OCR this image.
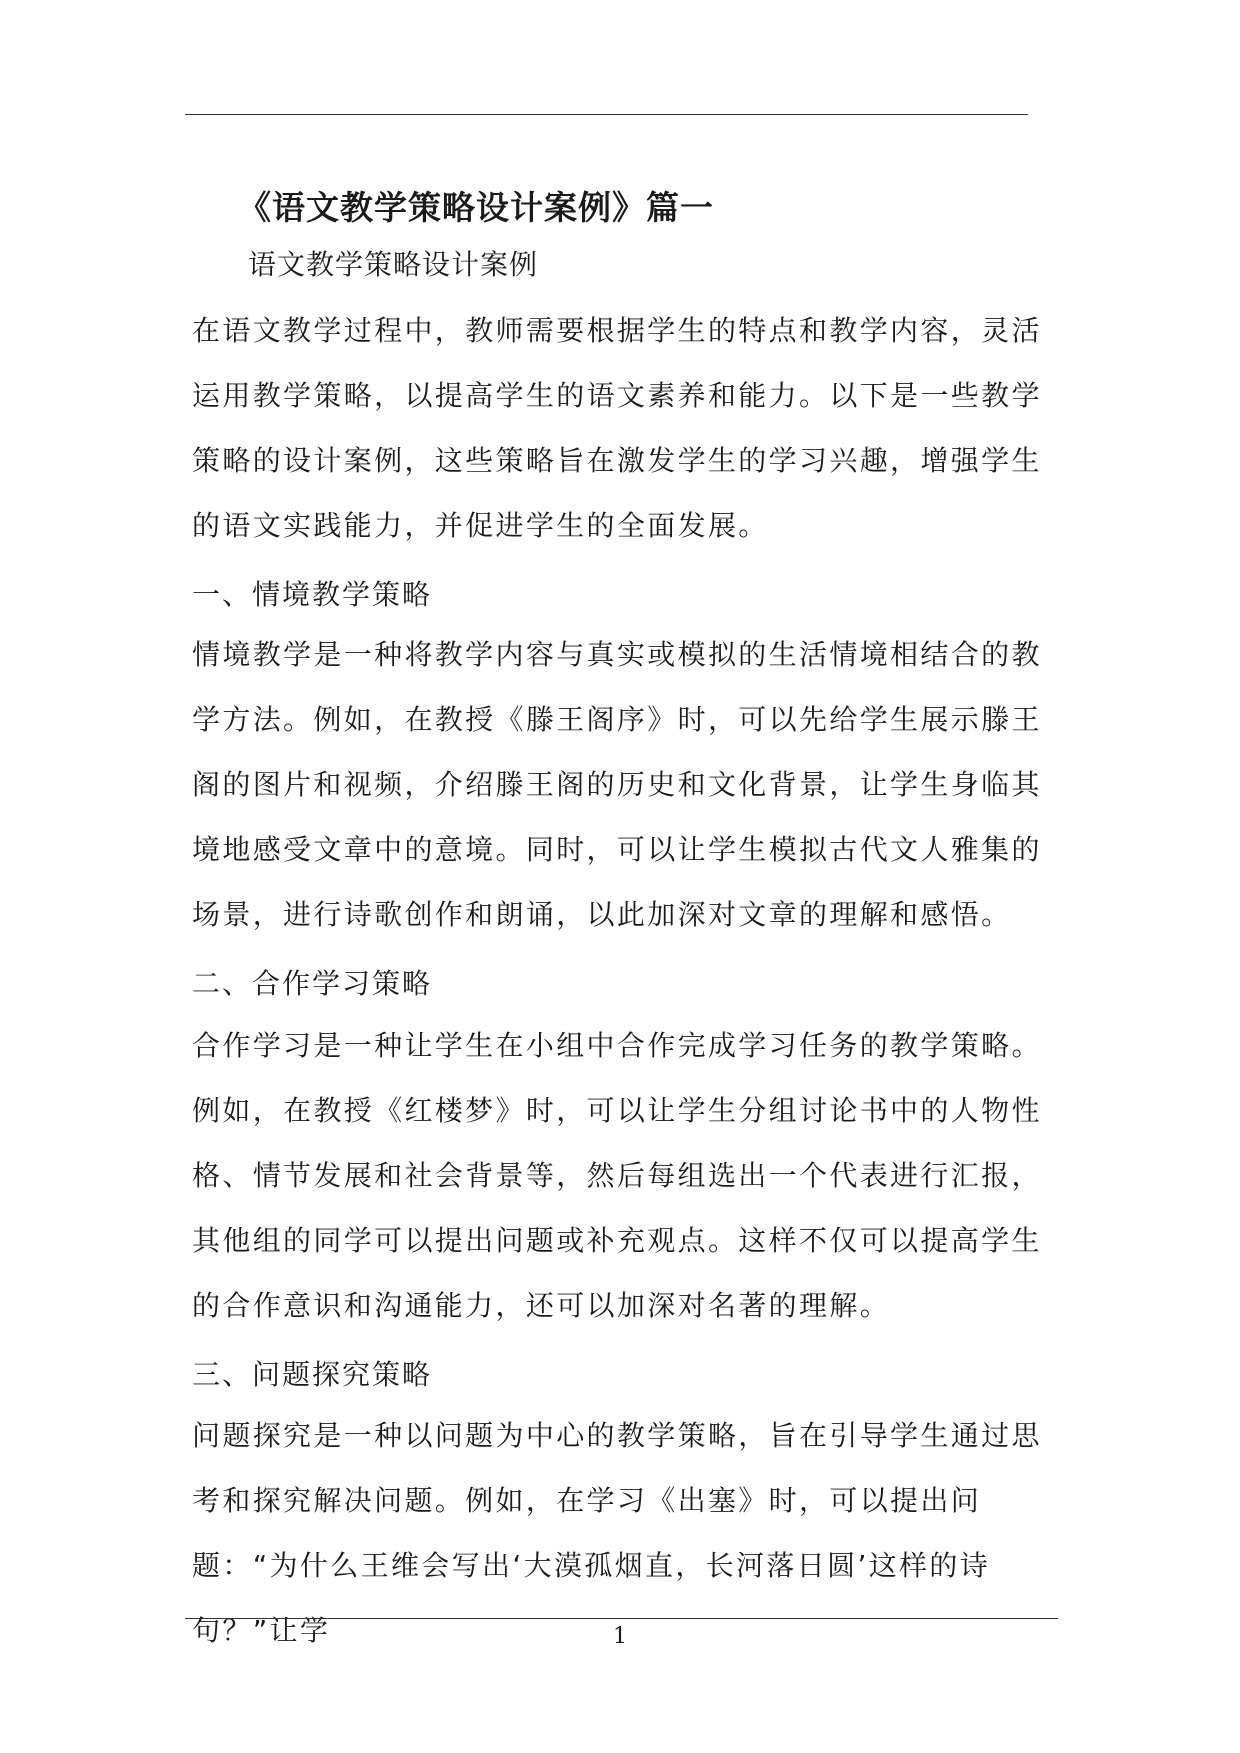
《语文教学策略设计案例》篇一
语文教学策略设计案例

在语文教学过程中，教师需要根据学生的特点和教学内容，灵活运用教学策略，以提高学生的语文素养和能力。以下是一些教学策略的设计案例，这些策略旨在激发学生的学习兴趣，增强学生的语文实践能力，并促进学生的全面发展。

一、情境教学策略

情境教学是一种将教学内容与真实或模拟的生活情境相结合的教学方法。例如，在教授《滕王阁序》时，可以先给学生展示滕王阁的图片和视频，介绍滕王阁的历史和文化背景，让学生身临其境地感受文章中的意境。同时，可以让学生模拟古代文人雅集的场景，进行诗歌创作和朗诵，以此加深对文章的理解和感悟。

二、合作学习策略

合作学习是一种让学生在小组中合作完成学习任务的教学策略。例如，在教授《红楼梦》时，可以让学生分组讨论书中的人物性格、情节发展和社会背景等，然后每组选出一个代表进行汇报，其他组的同学可以提出问题或补充观点。这样不仅可以提高学生的合作意识和沟通能力，还可以加深对名著的理解。

三、问题探究策略

问题探究是一种以问题为中心的教学策略，旨在引导学生通过思考和探究解决问题。例如，在学习《出塞》时，可以提出问题：“为什么王维会写出‘大漠孤烟直，长河落日圆’这样的诗句？”让学	1
